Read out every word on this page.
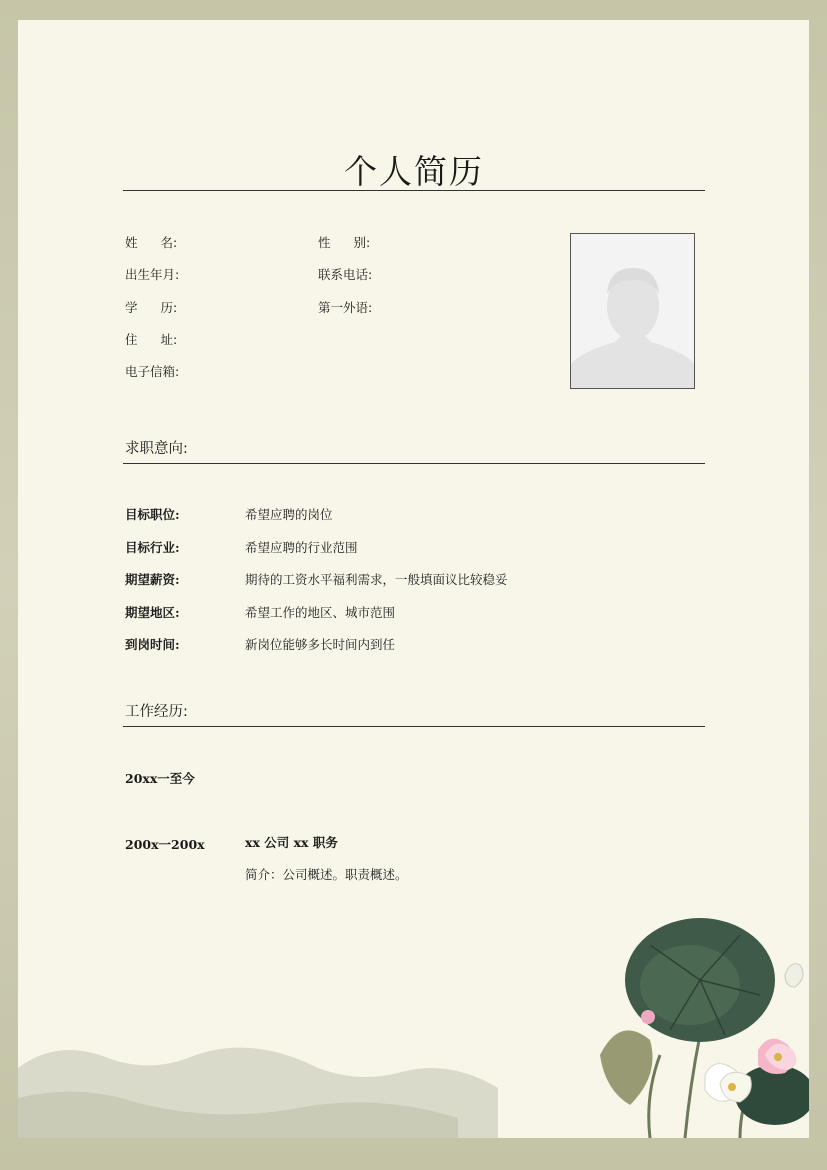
个人简历
姓名:	性别:
出生年月:	联系电话:
学历:	第一外语:
住址:
电子信箱:
求职意向:
目标职位:	希望应聘的岗位
目标行业:	希望应聘的行业范围
期望薪资:	期待的工资水平福利需求，一般填面议比较稳妥
期望地区:	希望工作的地区、城市范围
到岗时间:	新岗位能够多长时间内到任
工作经历:
20xx一至今
200x一200x	xx 公司 xx 职务
简介：公司概述。职责概述。
